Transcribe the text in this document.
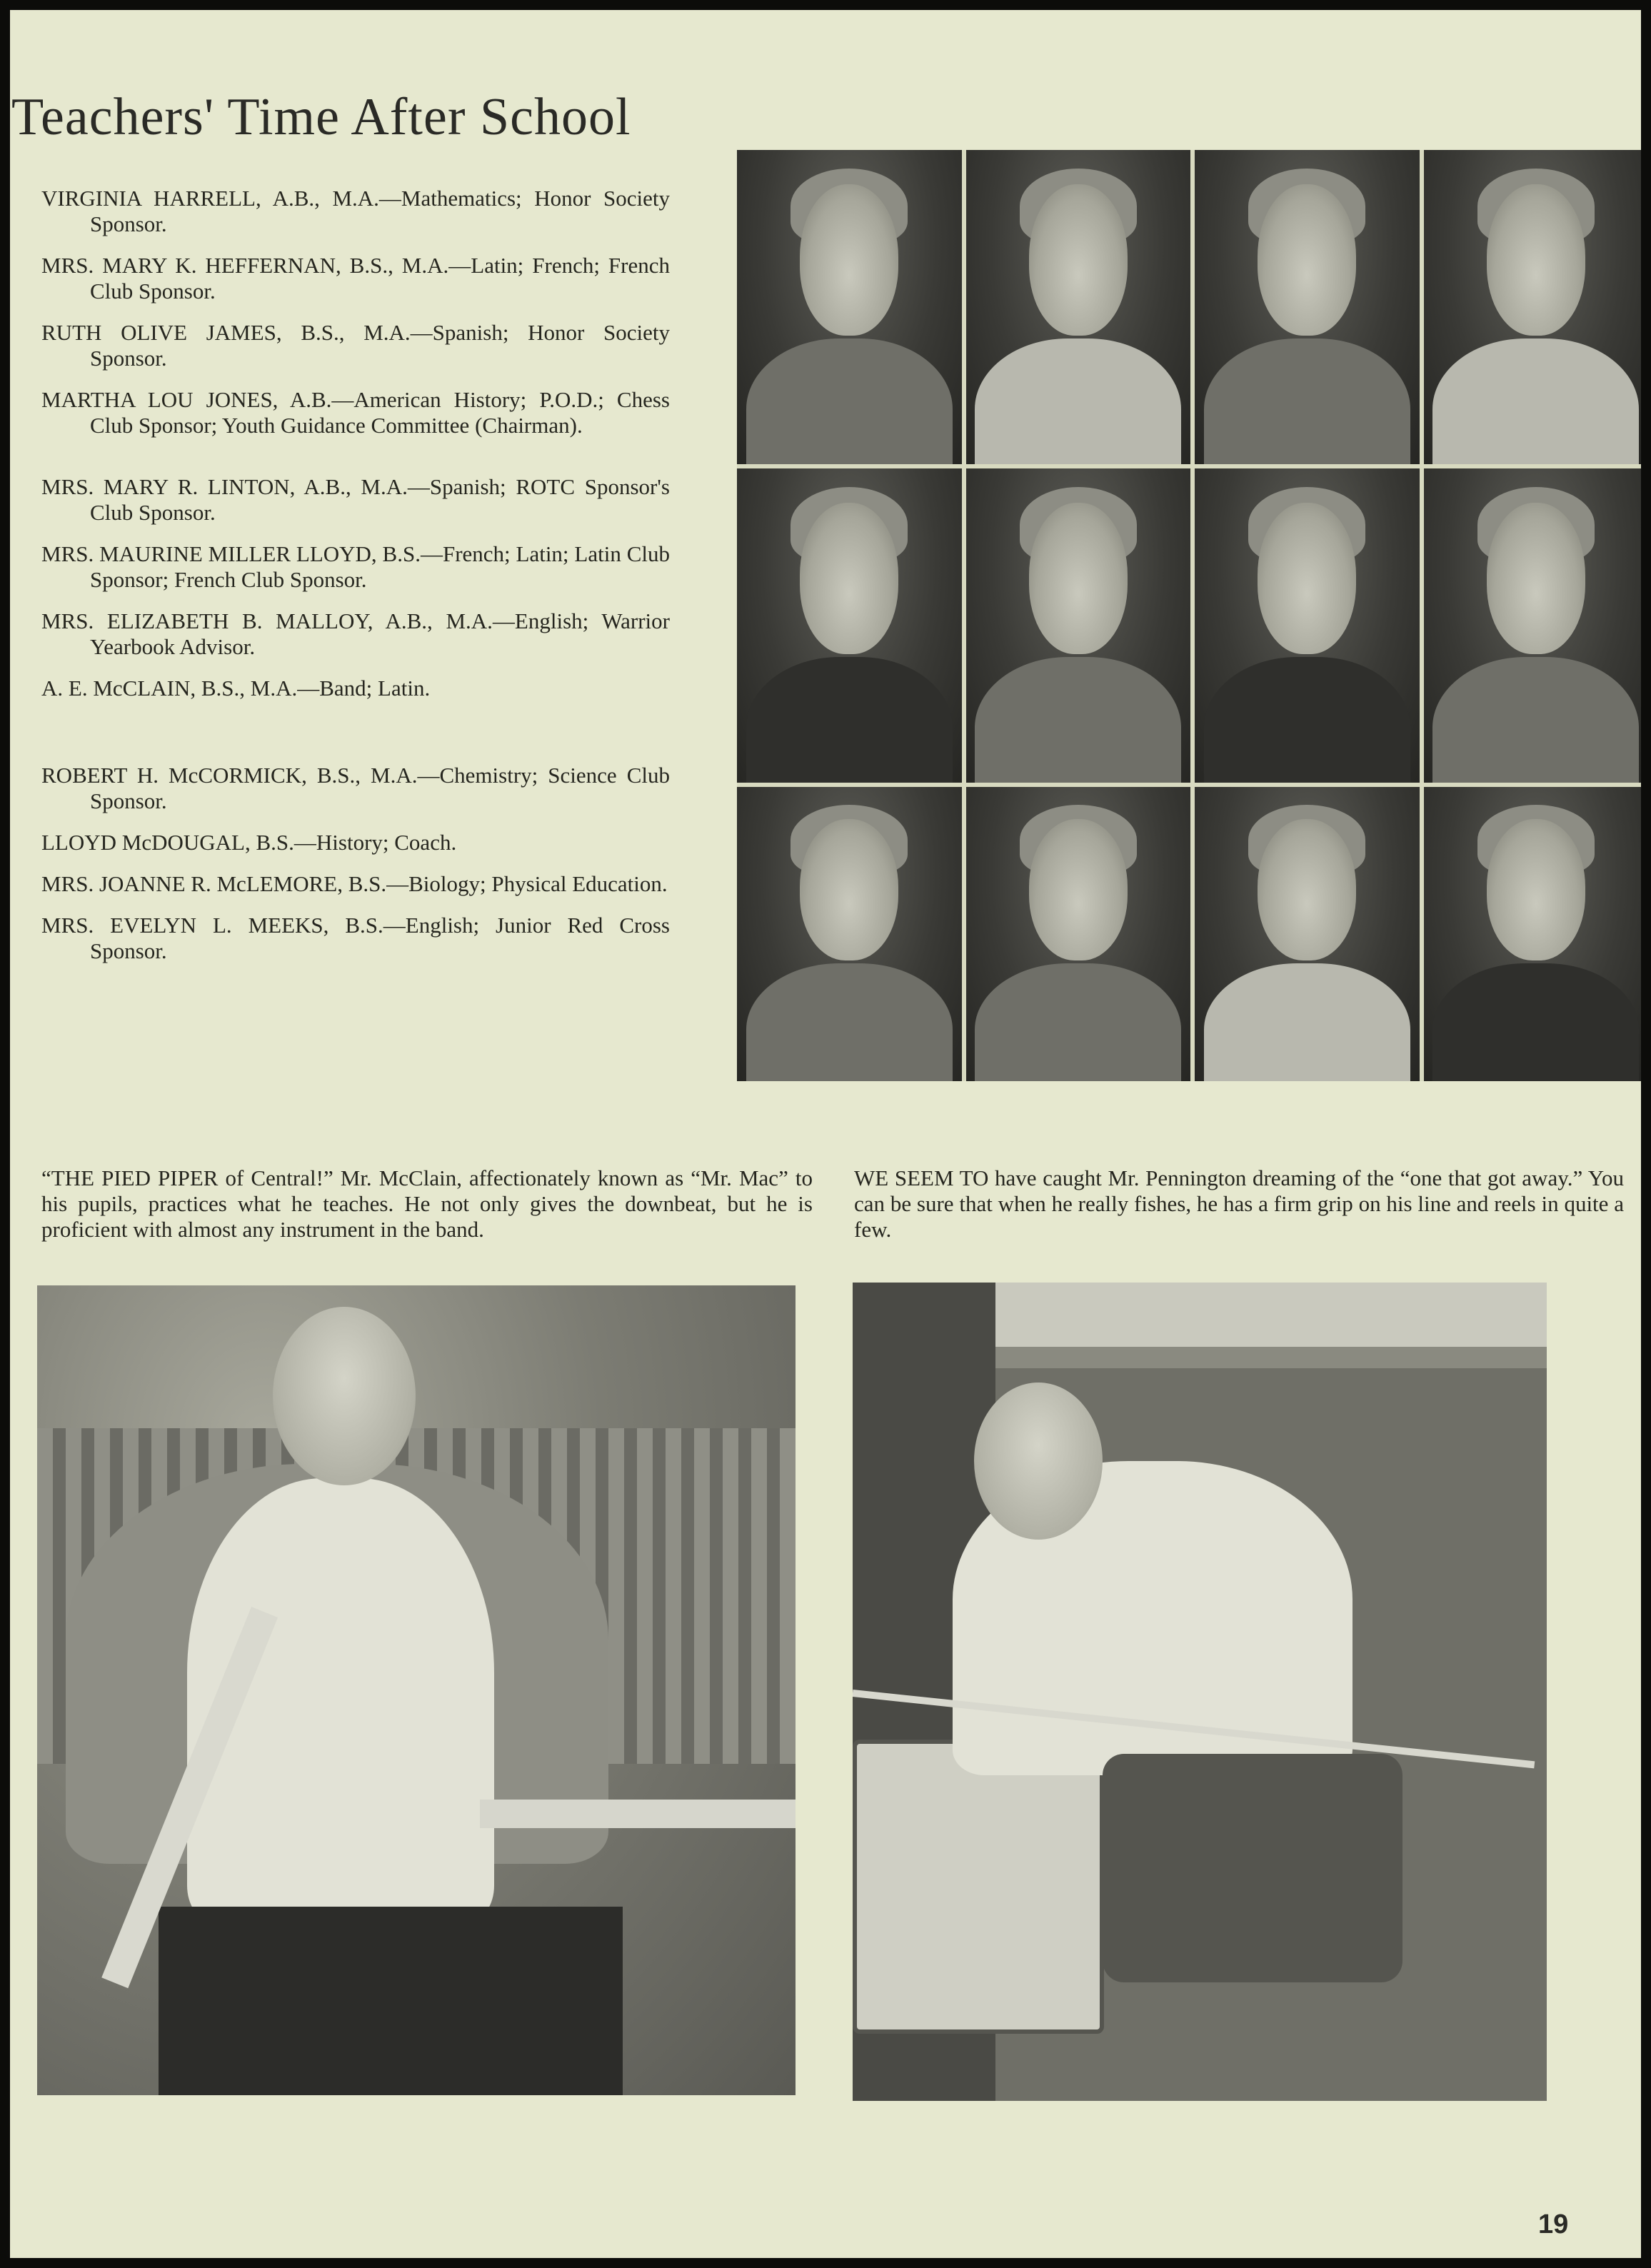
Teachers' Time After School
VIRGINIA HARRELL, A.B., M.A.—Mathematics; Honor Society Sponsor.
MRS. MARY K. HEFFERNAN, B.S., M.A.—Latin; French; French Club Sponsor.
RUTH OLIVE JAMES, B.S., M.A.—Spanish; Honor Society Sponsor.
MARTHA LOU JONES, A.B.—American History; P.O.D.; Chess Club Sponsor; Youth Guidance Committee (Chairman).
MRS. MARY R. LINTON, A.B., M.A.—Spanish; ROTC Sponsor's Club Sponsor.
MRS. MAURINE MILLER LLOYD, B.S.—French; Latin; Latin Club Sponsor; French Club Sponsor.
MRS. ELIZABETH B. MALLOY, A.B., M.A.—English; Warrior Yearbook Advisor.
A. E. McCLAIN, B.S., M.A.—Band; Latin.
ROBERT H. McCORMICK, B.S., M.A.—Chemistry; Science Club Sponsor.
LLOYD McDOUGAL, B.S.—History; Coach.
MRS. JOANNE R. McLEMORE, B.S.—Biology; Physical Education.
MRS. EVELYN L. MEEKS, B.S.—English; Junior Red Cross Sponsor.

“THE PIED PIPER of Central!” Mr. McClain, affectionately known as “Mr. Mac” to his pupils, practices what he teaches. He not only gives the downbeat, but he is proficient with almost any instrument in the band.

WE SEEM TO have caught Mr. Pennington dreaming of the “one that got away.” You can be sure that when he really fishes, he has a firm grip on his line and reels in quite a few.

19
